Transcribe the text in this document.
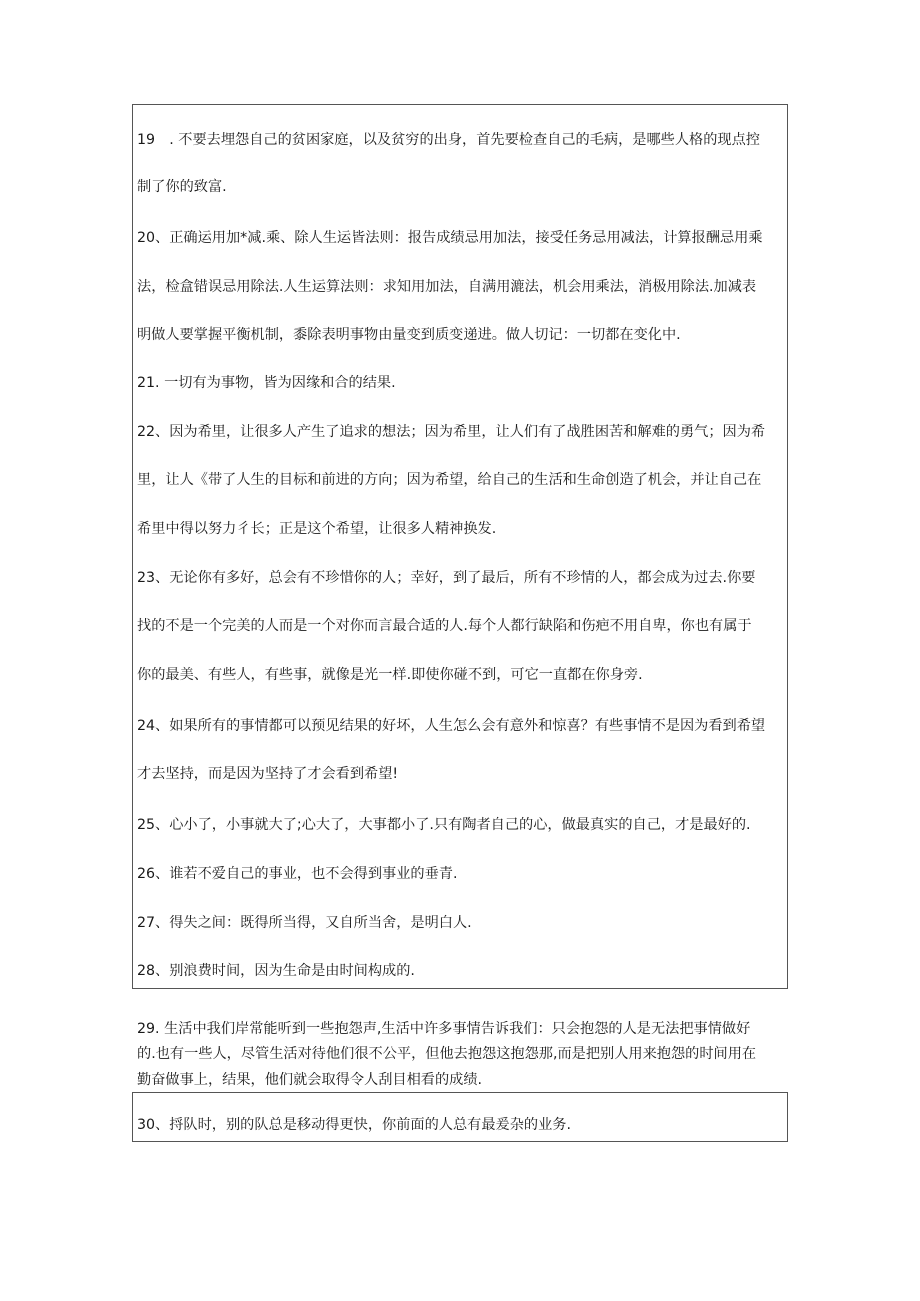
19　. 不要去埋怨自己的贫困家庭，以及贫穷的出身，首先要检查自己的毛病，是哪些人格的现点控

制了你的致富.

20、正确运用加*减.乘、除人生运皆法则：报告成绩忌用加法，接受任务忌用减法，计算报酬忌用乘

法，检盒错误忌用除法.人生运算法则：求知用加法，自满用漉法，机会用乘法，消极用除法.加减表

明做人要掌握平衡机制，黍除表明事物由量变到质变递进。做人切记：一切都在变化中.

21. 一切有为事物，皆为因缘和合的结果.

22、因为希里，让很多人产生了追求的想法；因为希里，让人们有了战胜困苦和解难的勇气；因为希

里，让人《带了人生的目标和前进的方向；因为希望，给自己的生活和生命创造了机会，并让自己在

希里中得以努力彳长；正是这个希望，让很多人精神换发.

23、无论你有多好，总会有不珍惜你的人；幸好，到了最后，所有不珍情的人，都会成为过去.你要

找的不是一个完美的人而是一个对你而言最合适的人.每个人都行缺陷和伤疤不用自卑，你也有属于

你的最美、有些人，有些事，就像是光一样.即使你碰不到，可它一直都在你身旁.

24、如果所有的事情都可以预见结果的好坏，人生怎么会有意外和惊喜？有些事情不是因为看到希望

才去坚持，而是因为坚持了才会看到希望!

25、心小了，小事就大了;心大了，大事都小了.只有陶者自己的心，做最真实的自己，才是最好的.

26、谁若不爱自己的事业，也不会得到事业的垂青.

27、得失之间：既得所当得，又自所当舍，是明白人.

28、别浪费时间，因为生命是由时间构成的.

29. 生活中我们岸常能听到一些抱怨声,生活中许多事情告诉我们：只会抱怨的人是无法把事情做好

的.也有一些人，尽管生活对待他们很不公平，但他去抱怨这抱怨那,而是把别人用来抱怨的时间用在

勤奋做事上，结果，他们就会取得令人刮目相看的成绩.

30、捋队时，别的队总是移动得更快，你前面的人总有最爰杂的业务.
